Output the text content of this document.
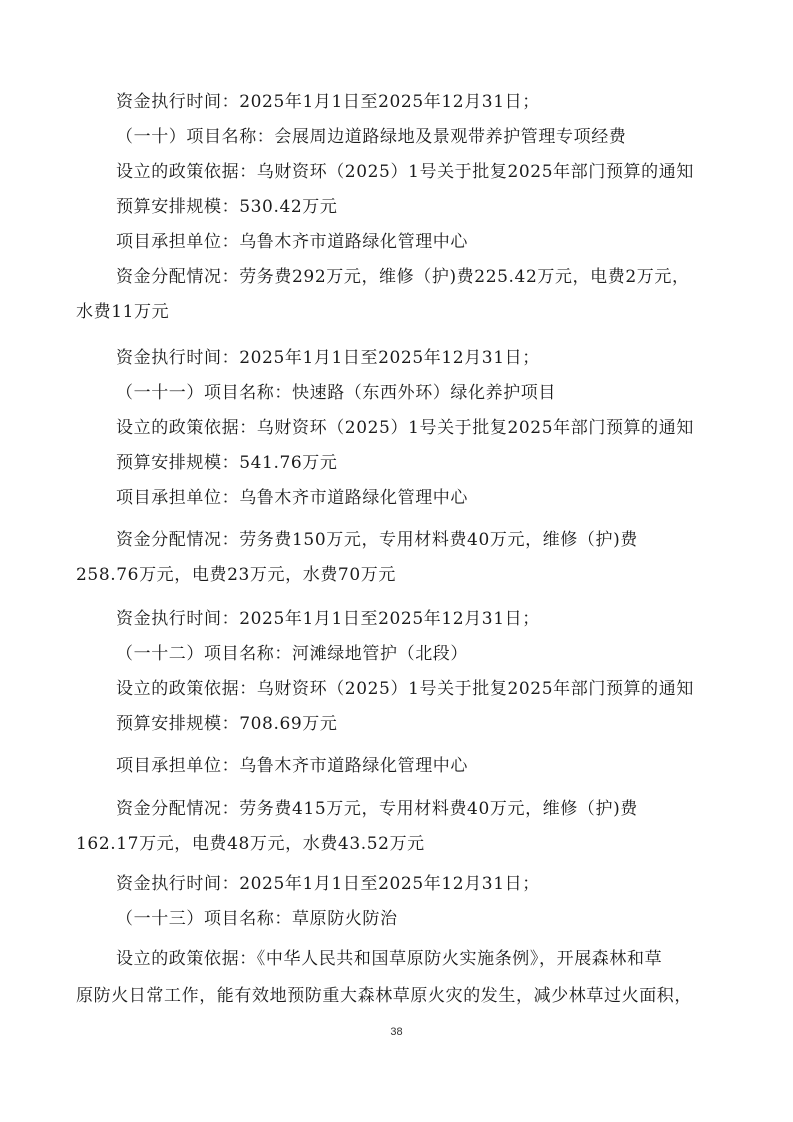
资金执行时间：2025年1月1日至2025年12月31日；
（一十）项目名称：会展周边道路绿地及景观带养护管理专项经费
设立的政策依据：乌财资环（2025）1号关于批复2025年部门预算的通知
预算安排规模：530.42万元
项目承担单位：乌鲁木齐市道路绿化管理中心
资金分配情况：劳务费292万元，维修（护)费225.42万元，电费2万元，
水费11万元
资金执行时间：2025年1月1日至2025年12月31日；
（一十一）项目名称：快速路（东西外环）绿化养护项目
设立的政策依据：乌财资环（2025）1号关于批复2025年部门预算的通知
预算安排规模：541.76万元
项目承担单位：乌鲁木齐市道路绿化管理中心
资金分配情况：劳务费150万元，专用材料费40万元，维修（护)费
258.76万元，电费23万元，水费70万元
资金执行时间：2025年1月1日至2025年12月31日；
（一十二）项目名称：河滩绿地管护（北段）
设立的政策依据：乌财资环（2025）1号关于批复2025年部门预算的通知
预算安排规模：708.69万元
项目承担单位：乌鲁木齐市道路绿化管理中心
资金分配情况：劳务费415万元，专用材料费40万元，维修（护)费
162.17万元，电费48万元，水费43.52万元
资金执行时间：2025年1月1日至2025年12月31日；
（一十三）项目名称：草原防火防治
设立的政策依据：《中华人民共和国草原防火实施条例》，开展森林和草
原防火日常工作，能有效地预防重大森林草原火灾的发生，减少林草过火面积，
38
